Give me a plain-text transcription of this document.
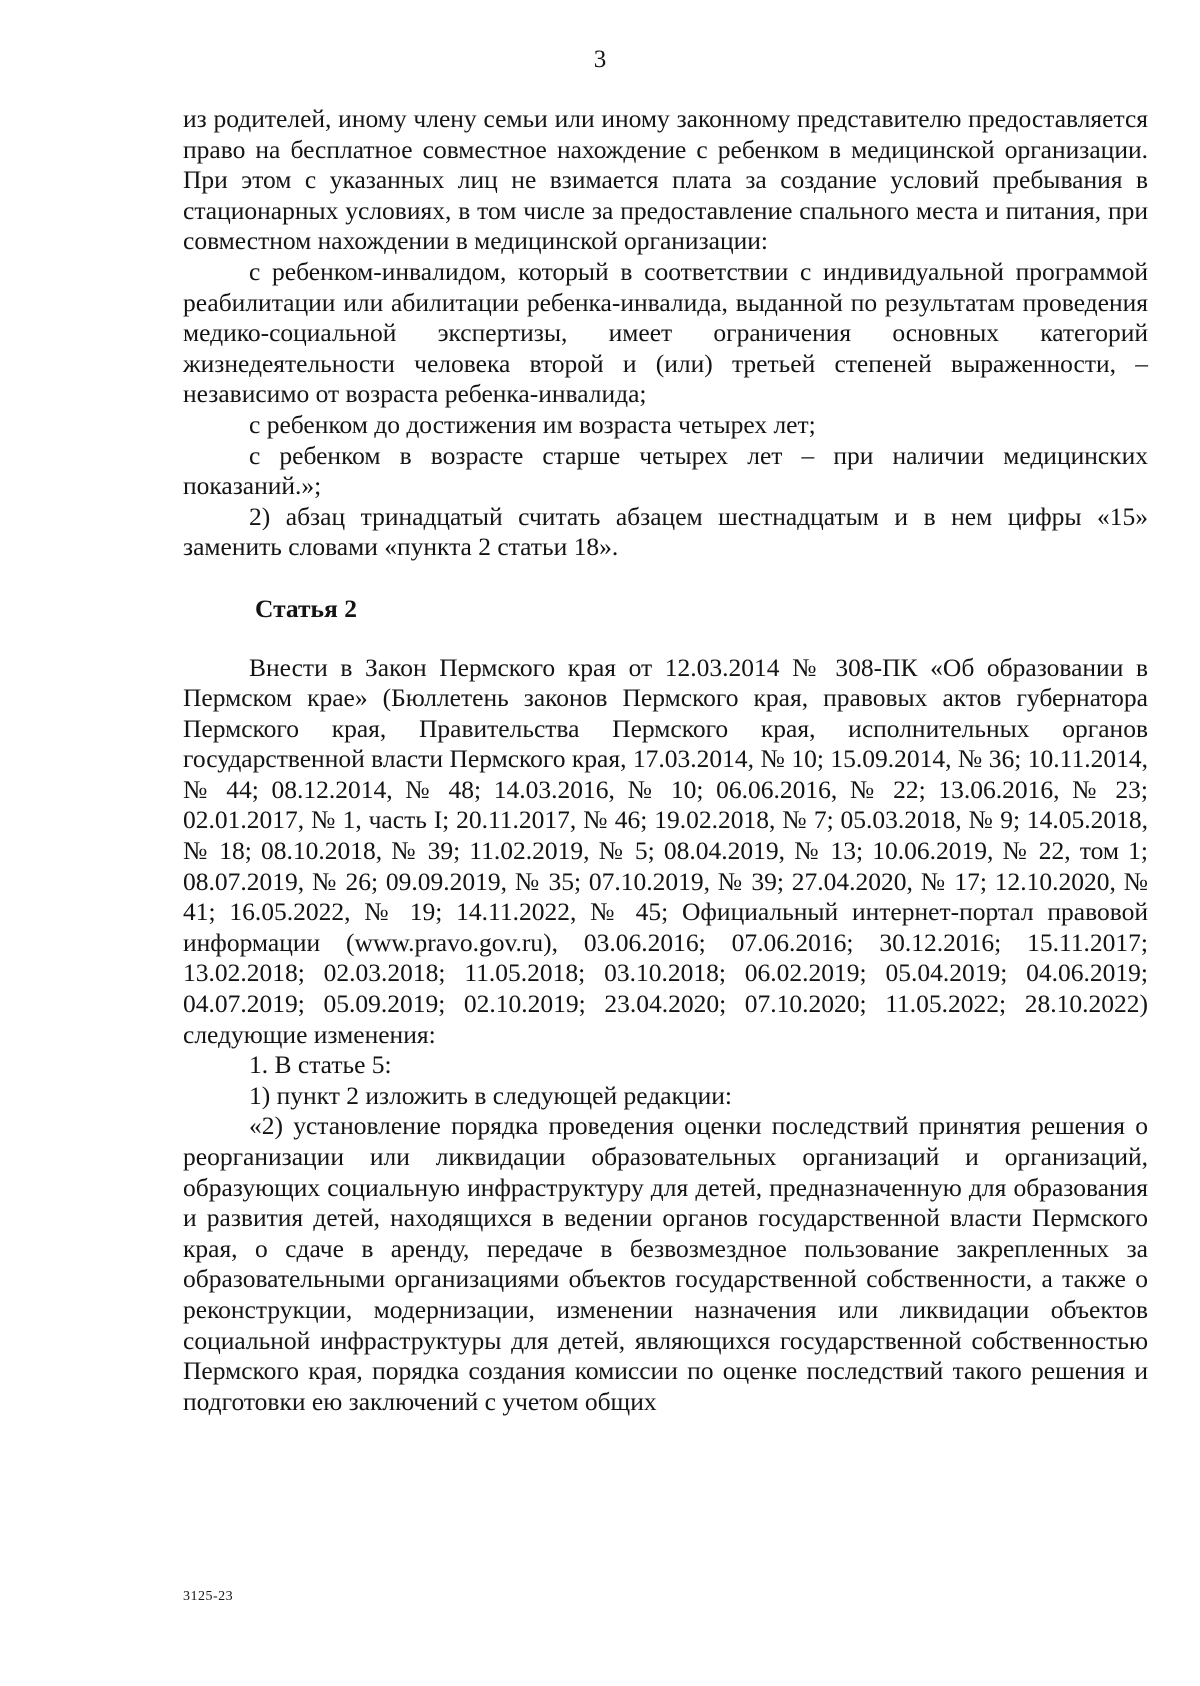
3

из родителей, иному члену семьи или иному законному представителю предоставляется право на бесплатное совместное нахождение с ребенком в медицинской организации. При этом с указанных лиц не взимается плата за создание условий пребывания в стационарных условиях, в том числе за предоставление спального места и питания, при совместном нахождении в медицинской организации:

с ребенком-инвалидом, который в соответствии с индивидуальной программой реабилитации или абилитации ребенка-инвалида, выданной по результатам проведения медико-социальной экспертизы, имеет ограничения основных категорий жизнедеятельности человека второй и (или) третьей степеней выраженности, – независимо от возраста ребенка-инвалида;

с ребенком до достижения им возраста четырех лет;

с ребенком в возрасте старше четырех лет – при наличии медицинских показаний.»;

2) абзац тринадцатый считать абзацем шестнадцатым и в нем цифры «15» заменить словами «пункта 2 статьи 18».

Статья 2

Внести в Закон Пермского края от 12.03.2014 № 308-ПК «Об образовании в Пермском крае» (Бюллетень законов Пермского края, правовых актов губернатора Пермского края, Правительства Пермского края, исполнительных органов государственной власти Пермского края, 17.03.2014, № 10; 15.09.2014, № 36; 10.11.2014, № 44; 08.12.2014, № 48; 14.03.2016, № 10; 06.06.2016, № 22; 13.06.2016, № 23; 02.01.2017, № 1, часть I; 20.11.2017, № 46; 19.02.2018, № 7; 05.03.2018, № 9; 14.05.2018, № 18; 08.10.2018, № 39; 11.02.2019, № 5; 08.04.2019, № 13; 10.06.2019, № 22, том 1; 08.07.2019, № 26; 09.09.2019, № 35; 07.10.2019, № 39; 27.04.2020, № 17; 12.10.2020, № 41; 16.05.2022, № 19; 14.11.2022, № 45; Официальный интернет-портал правовой информации (www.pravo.gov.ru), 03.06.2016; 07.06.2016; 30.12.2016; 15.11.2017; 13.02.2018; 02.03.2018; 11.05.2018; 03.10.2018; 06.02.2019; 05.04.2019; 04.06.2019; 04.07.2019; 05.09.2019; 02.10.2019; 23.04.2020; 07.10.2020; 11.05.2022; 28.10.2022) следующие изменения:

1. В статье 5:

1) пункт 2 изложить в следующей редакции:

«2) установление порядка проведения оценки последствий принятия решения о реорганизации или ликвидации образовательных организаций и организаций, образующих социальную инфраструктуру для детей, предназначенную для образования и развития детей, находящихся в ведении органов государственной власти Пермского края, о сдаче в аренду, передаче в безвозмездное пользование закрепленных за образовательными организациями объектов государственной собственности, а также о реконструкции, модернизации, изменении назначения или ликвидации объектов социальной инфраструктуры для детей, являющихся государственной собственностью Пермского края, порядка создания комиссии по оценке последствий такого решения и подготовки ею заключений с учетом общих

3125-23
